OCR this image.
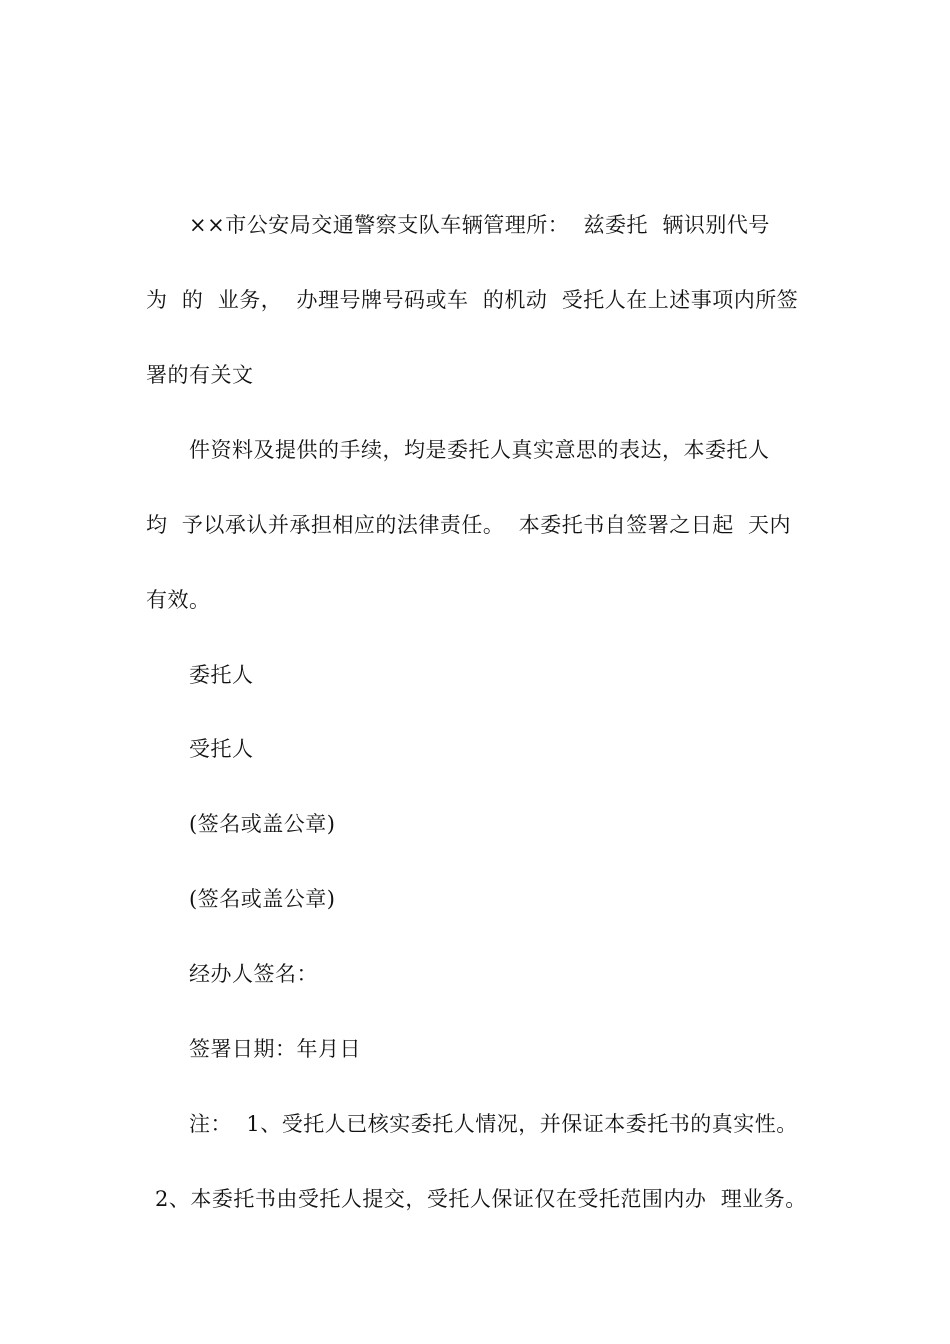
××市公安局交通警察支队车辆管理所：  兹委托  辆识别代号
为  的  业务，  办理号牌号码或车  的机动  受托人在上述事项内所签
署的有关文
件资料及提供的手续，均是委托人真实意思的表达，本委托人
均  予以承认并承担相应的法律责任。  本委托书自签署之日起  天内
有效。
委托人
受托人
(签名或盖公章)
(签名或盖公章)
经办人签名：
签署日期：年月日
注：  1、受托人已核实委托人情况，并保证本委托书的真实性。
2、本委托书由受托人提交，受托人保证仅在受托范围内办  理业务。
